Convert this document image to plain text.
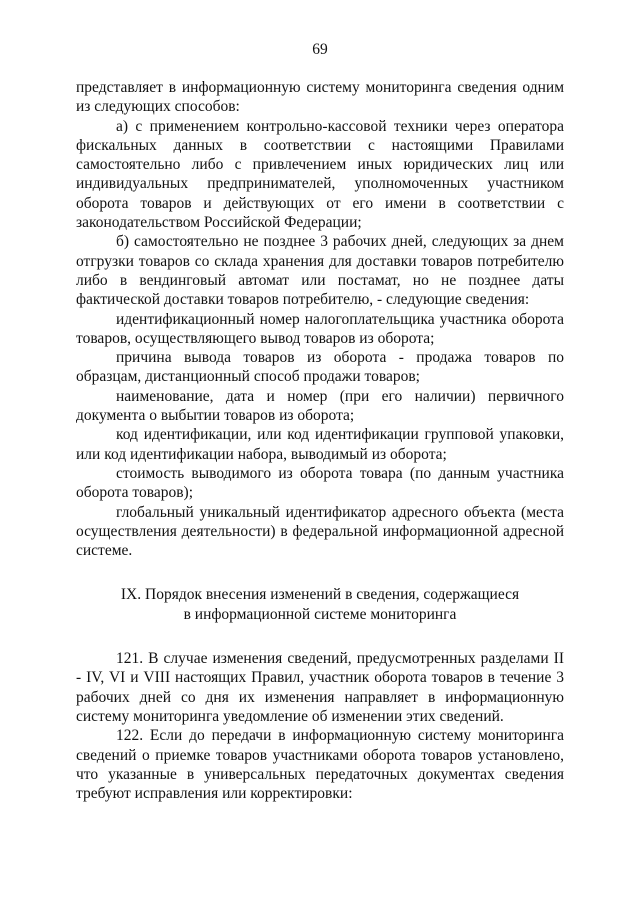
69

представляет в информационную систему мониторинга сведения одним из следующих способов:

а) с применением контрольно-кассовой техники через оператора фискальных данных в соответствии с настоящими Правилами самостоятельно либо с привлечением иных юридических лиц или индивидуальных предпринимателей, уполномоченных участником оборота товаров и действующих от его имени в соответствии с законодательством Российской Федерации;

б) самостоятельно не позднее 3 рабочих дней, следующих за днем отгрузки товаров со склада хранения для доставки товаров потребителю либо в вендинговый автомат или постамат, но не позднее даты фактической доставки товаров потребителю, - следующие сведения:

идентификационный номер налогоплательщика участника оборота товаров, осуществляющего вывод товаров из оборота;

причина вывода товаров из оборота - продажа товаров по образцам, дистанционный способ продажи товаров;

наименование, дата и номер (при его наличии) первичного документа о выбытии товаров из оборота;

код идентификации, или код идентификации групповой упаковки, или код идентификации набора, выводимый из оборота;

стоимость выводимого из оборота товара (по данным участника оборота товаров);

глобальный уникальный идентификатор адресного объекта (места осуществления деятельности) в федеральной информационной адресной системе.

IX. Порядок внесения изменений в сведения, содержащиеся
в информационной системе мониторинга

121. В случае изменения сведений, предусмотренных разделами II - IV, VI и VIII настоящих Правил, участник оборота товаров в течение 3 рабочих дней со дня их изменения направляет в информационную систему мониторинга уведомление об изменении этих сведений.

122. Если до передачи в информационную систему мониторинга сведений о приемке товаров участниками оборота товаров установлено, что указанные в универсальных передаточных документах сведения требуют исправления или корректировки:
